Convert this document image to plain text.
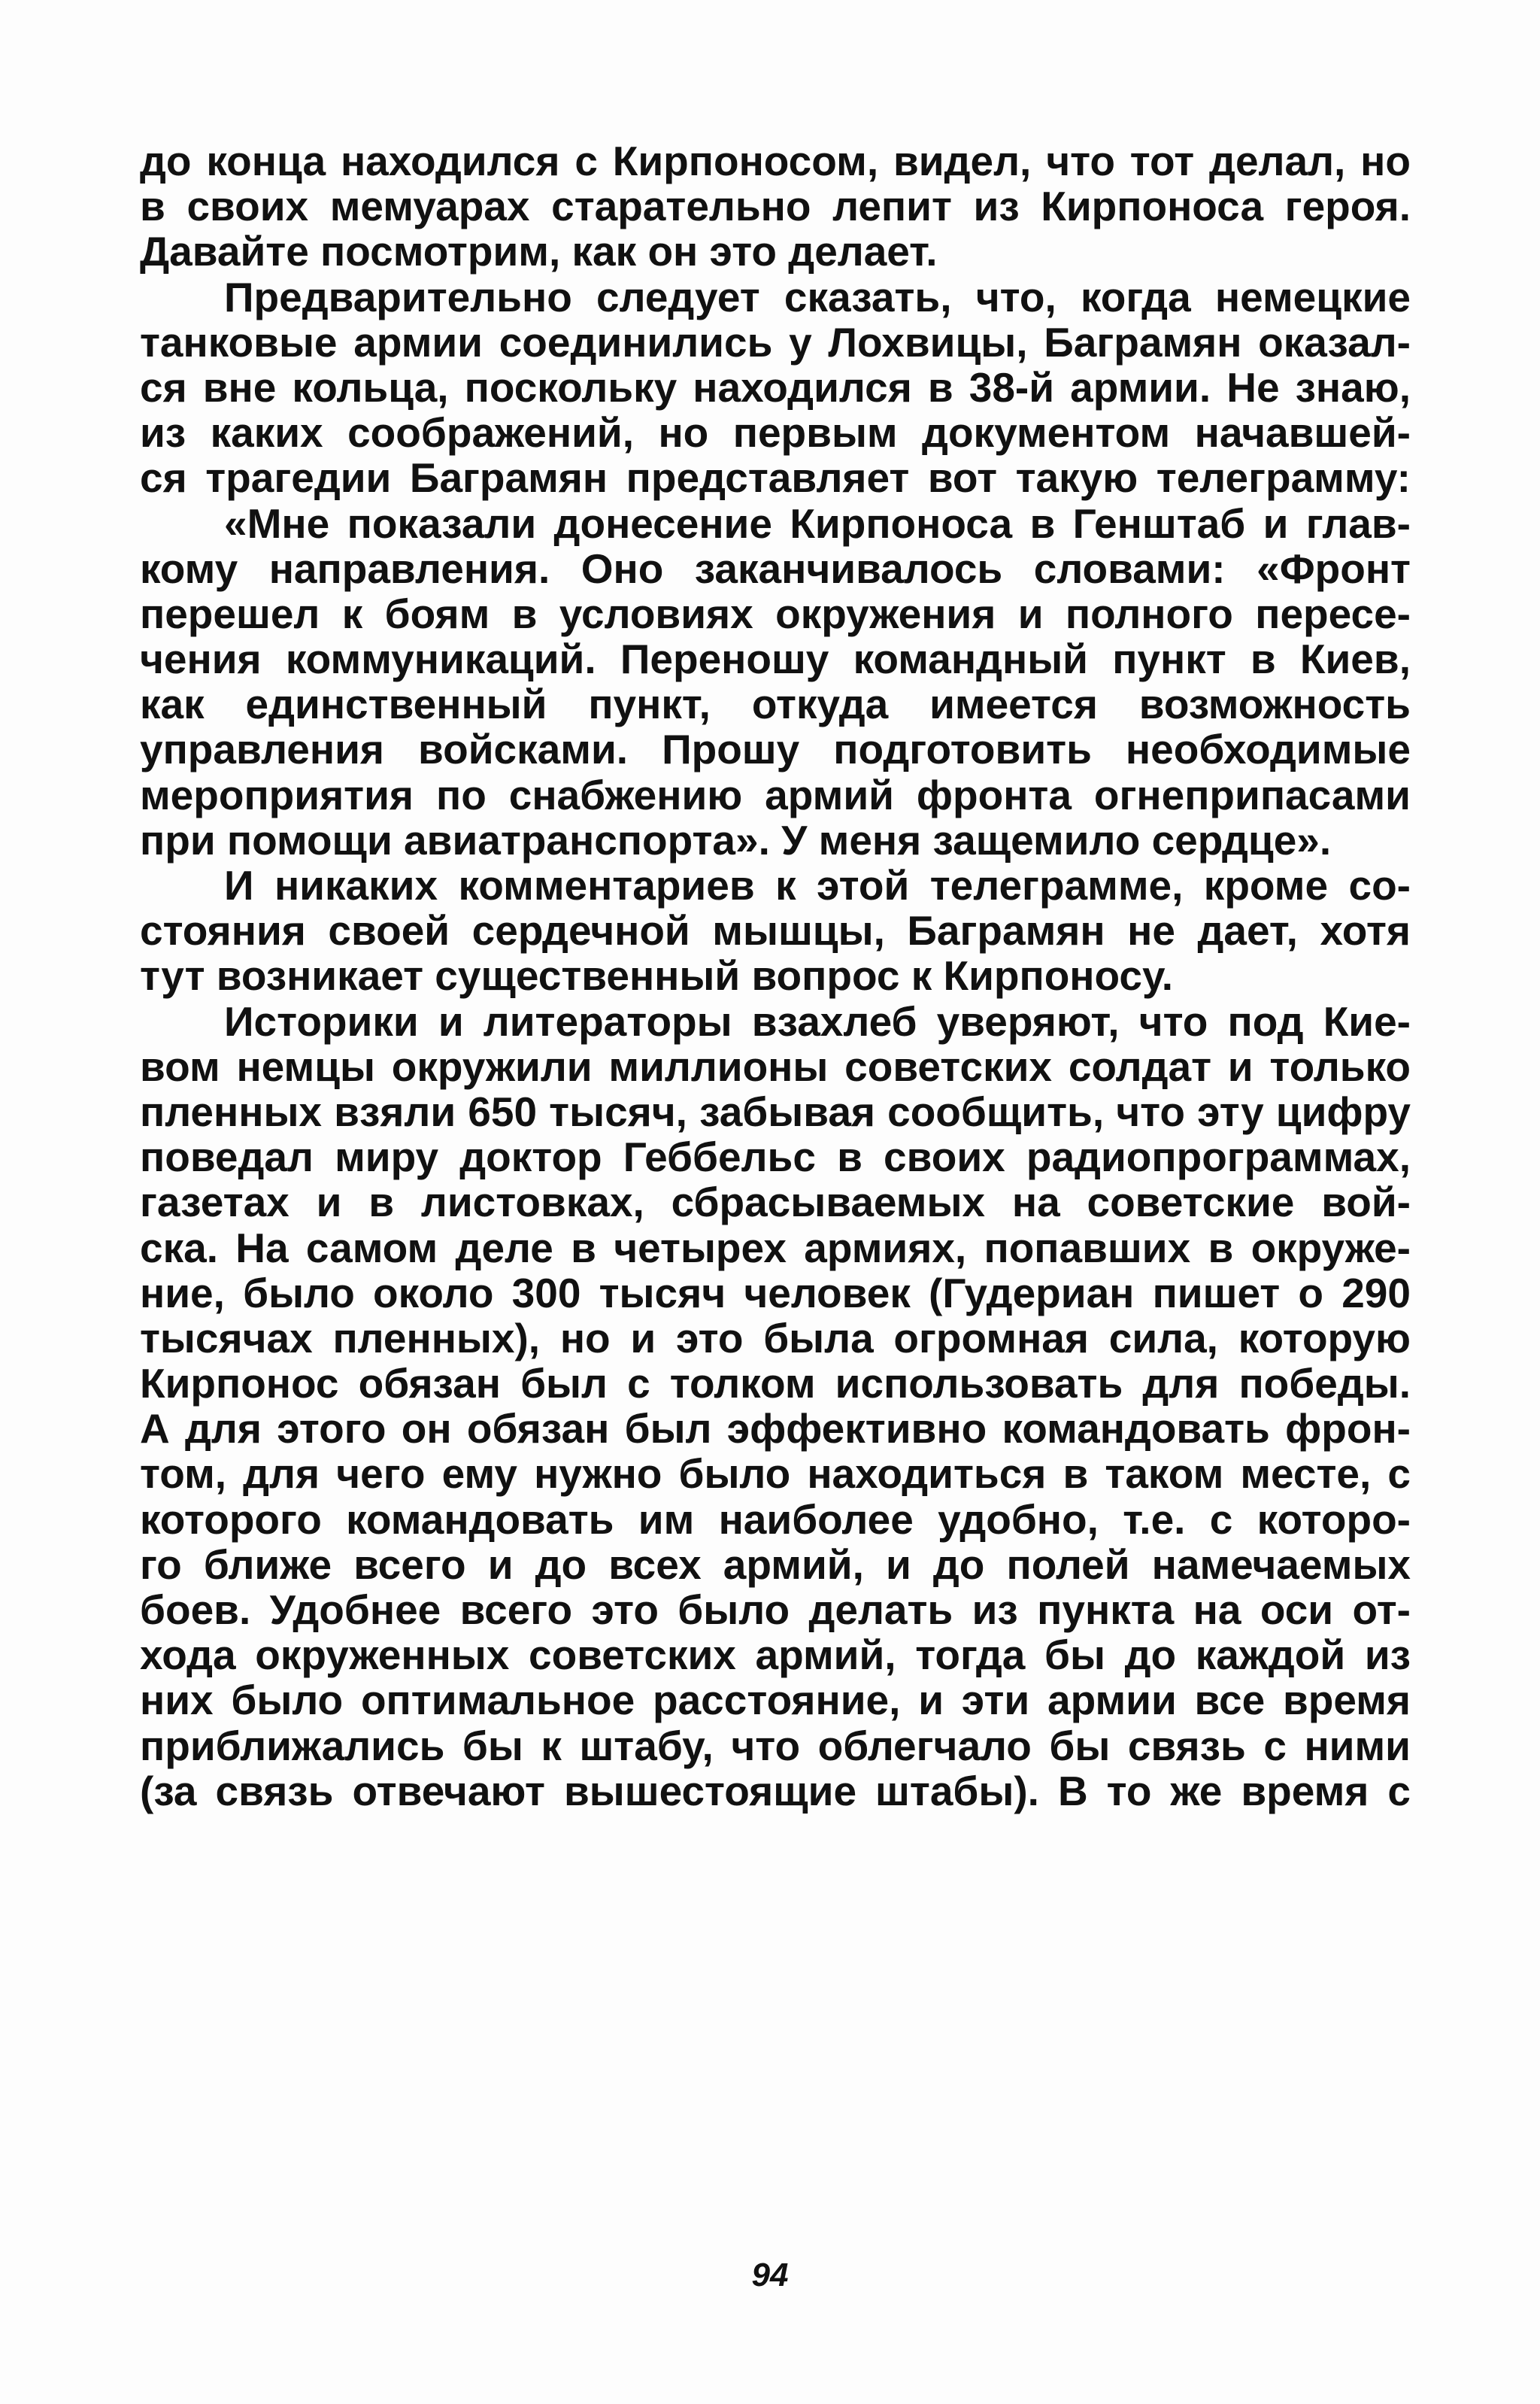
до конца находился с Кирпоносом, видел, что тот делал, но
в своих мемуарах старательно лепит из Кирпоноса героя.
Давайте посмотрим, как он это делает.
Предварительно следует сказать, что, когда немецкие
танковые армии соединились у Лохвицы, Баграмян оказал-
ся вне кольца, поскольку находился в 38-й армии. Не знаю,
из каких соображений, но первым документом начавшей-
ся трагедии Баграмян представляет вот такую телеграмму:
«Мне показали донесение Кирпоноса в Генштаб и глав-
кому направления. Оно заканчивалось словами: «Фронт
перешел к боям в условиях окружения и полного пересе-
чения коммуникаций. Переношу командный пункт в Киев,
как единственный пункт, откуда имеется возможность
управления войсками. Прошу подготовить необходимые
мероприятия по снабжению армий фронта огнеприпасами
при помощи авиатранспорта». У меня защемило сердце».
И никаких комментариев к этой телеграмме, кроме со-
стояния своей сердечной мышцы, Баграмян не дает, хотя
тут возникает существенный вопрос к Кирпоносу.
Историки и литераторы взахлеб уверяют, что под Кие-
вом немцы окружили миллионы советских солдат и только
пленных взяли 650 тысяч, забывая сообщить, что эту цифру
поведал миру доктор Геббельс в своих радиопрограммах,
газетах и в листовках, сбрасываемых на советские вой-
ска. На самом деле в четырех армиях, попавших в окруже-
ние, было около 300 тысяч человек (Гудериан пишет о 290
тысячах пленных), но и это была огромная сила, которую
Кирпонос обязан был с толком использовать для победы.
А для этого он обязан был эффективно командовать фрон-
том, для чего ему нужно было находиться в таком месте, с
которого командовать им наиболее удобно, т.е. с которо-
го ближе всего и до всех армий, и до полей намечаемых
боев. Удобнее всего это было делать из пункта на оси от-
хода окруженных советских армий, тогда бы до каждой из
них было оптимальное расстояние, и эти армии все время
приближались бы к штабу, что облегчало бы связь с ними
(за связь отвечают вышестоящие штабы). В то же время с
94
